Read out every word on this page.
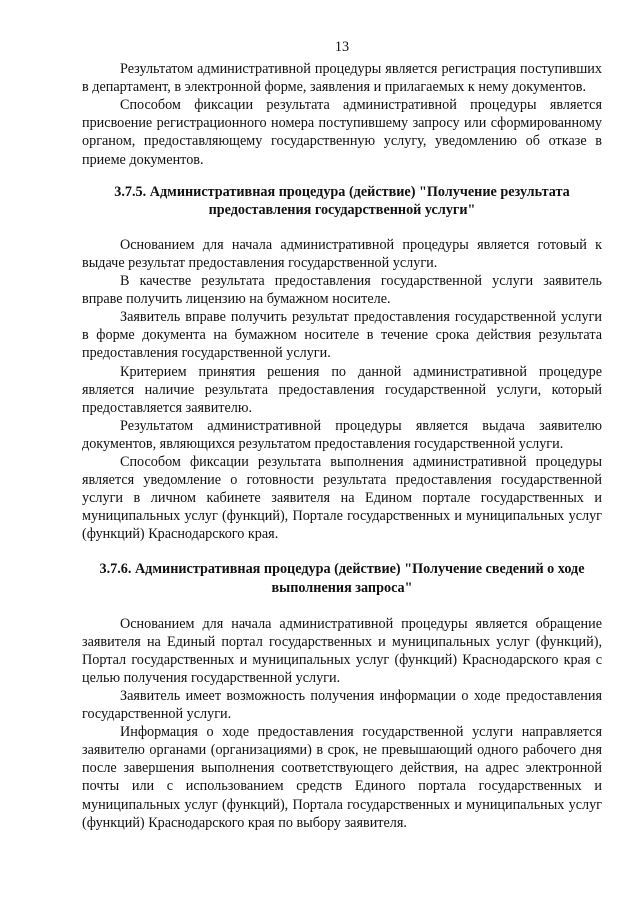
13

Результатом административной процедуры является регистрация поступивших в департамент, в электронной форме, заявления и прилагаемых к нему документов.

Способом фиксации результата административной процедуры является присвоение регистрационного номера поступившему запросу или сформированному органом, предоставляющему государственную услугу, уведомлению об отказе в приеме документов.

3.7.5. Административная процедура (действие) "Получение результата предоставления государственной услуги"

Основанием для начала административной процедуры является готовый к выдаче результат предоставления государственной услуги.

В качестве результата предоставления государственной услуги заявитель вправе получить лицензию на бумажном носителе.

Заявитель вправе получить результат предоставления государственной услуги в форме документа на бумажном носителе в течение срока действия результата предоставления государственной услуги.

Критерием принятия решения по данной административной процедуре является наличие результата предоставления государственной услуги, который предоставляется заявителю.

Результатом административной процедуры является выдача заявителю документов, являющихся результатом предоставления государственной услуги.

Способом фиксации результата выполнения административной процедуры является уведомление о готовности результата предоставления государственной услуги в личном кабинете заявителя на Едином портале государственных и муниципальных услуг (функций), Портале государственных и муниципальных услуг (функций) Краснодарского края.

3.7.6. Административная процедура (действие) "Получение сведений о ходе выполнения запроса"

Основанием для начала административной процедуры является обращение заявителя на Единый портал государственных и муниципальных услуг (функций), Портал государственных и муниципальных услуг (функций) Краснодарского края с целью получения государственной услуги.

Заявитель имеет возможность получения информации о ходе предоставления государственной услуги.

Информация о ходе предоставления государственной услуги направляется заявителю органами (организациями) в срок, не превышающий одного рабочего дня после завершения выполнения соответствующего действия, на адрес электронной почты или с использованием средств Единого портала государственных и муниципальных услуг (функций), Портала государственных и муниципальных услуг (функций) Краснодарского края по выбору заявителя.
